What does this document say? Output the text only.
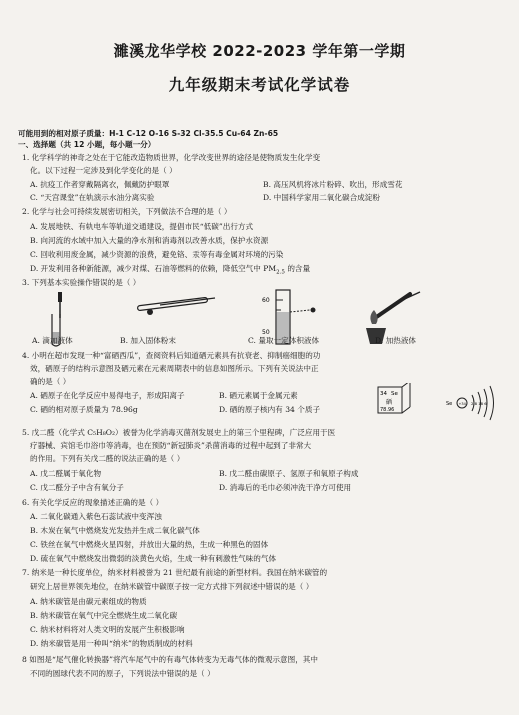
濉溪龙华学校 2022-2023 学年第一学期
九年级期末考试化学试卷
可能用到的相对原子质量：H-1 C-12 O-16 S-32 Cl-35.5 Cu-64 Zn-65
一、选择题（共 12 小题，每小题一分）
1. 化学科学的神奇之处在于它能改造物质世界，化学改变世界的途径是使物质发生化学变
化。以下过程一定涉及到化学变化的是（ ）
A. 抗疫工作者穿戴隔离衣，佩戴防护眼罩	B. 高压风机将冰片粉碎、吹出，形成雪花
C. “天宫课堂”在轨演示水油分离实验	D. 中国科学家用二氧化碳合成淀粉
2. 化学与社会可持续发展密切相关，下列做法不合理的是（ ）
A. 发展地铁、有轨电车等轨道交通建设，提倡市民“低碳”出行方式
B. 向河流的水域中加入大量的净水剂和消毒剂以改善水质，保护水资源
C. 回收利用废金属，减少资源的浪费，避免铬、汞等有毒金属对环境的污染
D. 开发利用各种新能源，减少对煤、石油等燃料的依赖，降低空气中 $PM_{2.5}$ 的含量
3. 下列基本实验操作错误的是（ ）
60
50
A. 滴加液体	B. 加入固体粉末	C. 量取一定体积液体	D. 加热液体
4. 小明在超市发现一种“富硒西瓜”，查阅资料后知道硒元素具有抗衰老、抑制癌细胞的功
效，硒原子的结构示意图及硒元素在元素周期表中的信息如图所示。下列有关说法中正
确的是（ ）
A. 硒原子在化学反应中易得电子，形成阳离子	B. 硒元素属于金属元素
C. 硒的相对原子质量为 78.96g	D. 硒的原子核内有 34 个质子
34 Se
硒
78.96
Se +34 2 8 18 6
5. 戊二醛（化学式 C₅H₈O₂）被誉为化学消毒灭菌剂发展史上的第三个里程碑，广泛应用于医
疗器械、宾馆毛巾浴巾等消毒，也在预防“新冠肺炎”杀菌消毒的过程中起到了非常大
的作用。下列有关戊二醛的说法正确的是（ ）
A. 戊二醛属于氧化物	B. 戊二醛由碳原子、氢原子和氧原子构成
C. 戊二醛分子中含有氧分子	D. 消毒后的毛巾必须冲洗干净方可使用
6. 有关化学反应的现象描述正确的是（ ）
A. 二氧化碳通入紫色石蕊试液中变浑浊
B. 木炭在氧气中燃烧发光发热并生成二氧化碳气体
C. 铁丝在氧气中燃烧火星四射，并放出大量的热，生成一种黑色的固体
D. 硫在氧气中燃烧发出微弱的淡黄色火焰，生成一种有刺激性气味的气体
7. 纳米是一种长度单位，纳米材料被誉为 21 世纪最有前途的新型材料。我国在纳米碳管的
研究上居世界领先地位，在纳米碳管中碳原子按一定方式排下列叙述中错误的是（ ）
A. 纳米碳管是由碳元素组成的物质
B. 纳米碳管在氧气中完全燃烧生成二氧化碳
C. 纳米材料将对人类文明的发展产生积极影响
D. 纳米碳管是用一种叫“纳米”的物质制成的材料
8 如图是“尾气催化转换器”将汽车尾气中的有毒气体转变为无毒气体的微观示意图，其中
不同的圆球代表不同的原子，下列说法中错误的是（ ）
